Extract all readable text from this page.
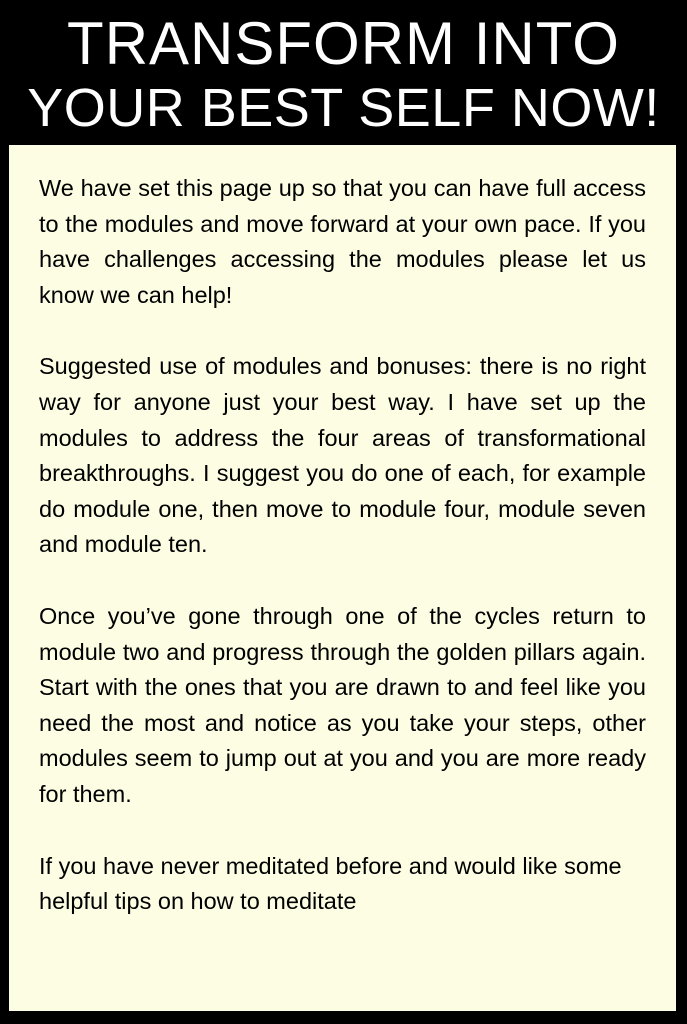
TRANSFORM INTO
YOUR BEST SELF NOW!

We have set this page up so that you can have full access to the modules and move forward at your own pace. If you have challenges accessing the modules please let us know we can help!

Suggested use of modules and bonuses: there is no right way for anyone just your best way. I have set up the modules to address the four areas of transformational breakthroughs. I suggest you do one of each, for example do module one, then move to module four, module seven and module ten.

Once you’ve gone through one of the cycles return to module two and progress through the golden pillars again. Start with the ones that you are drawn to and feel like you need the most and notice as you take your steps, other modules seem to jump out at you and you are more ready for them.

If you have never meditated before and would like some helpful tips on how to meditate
